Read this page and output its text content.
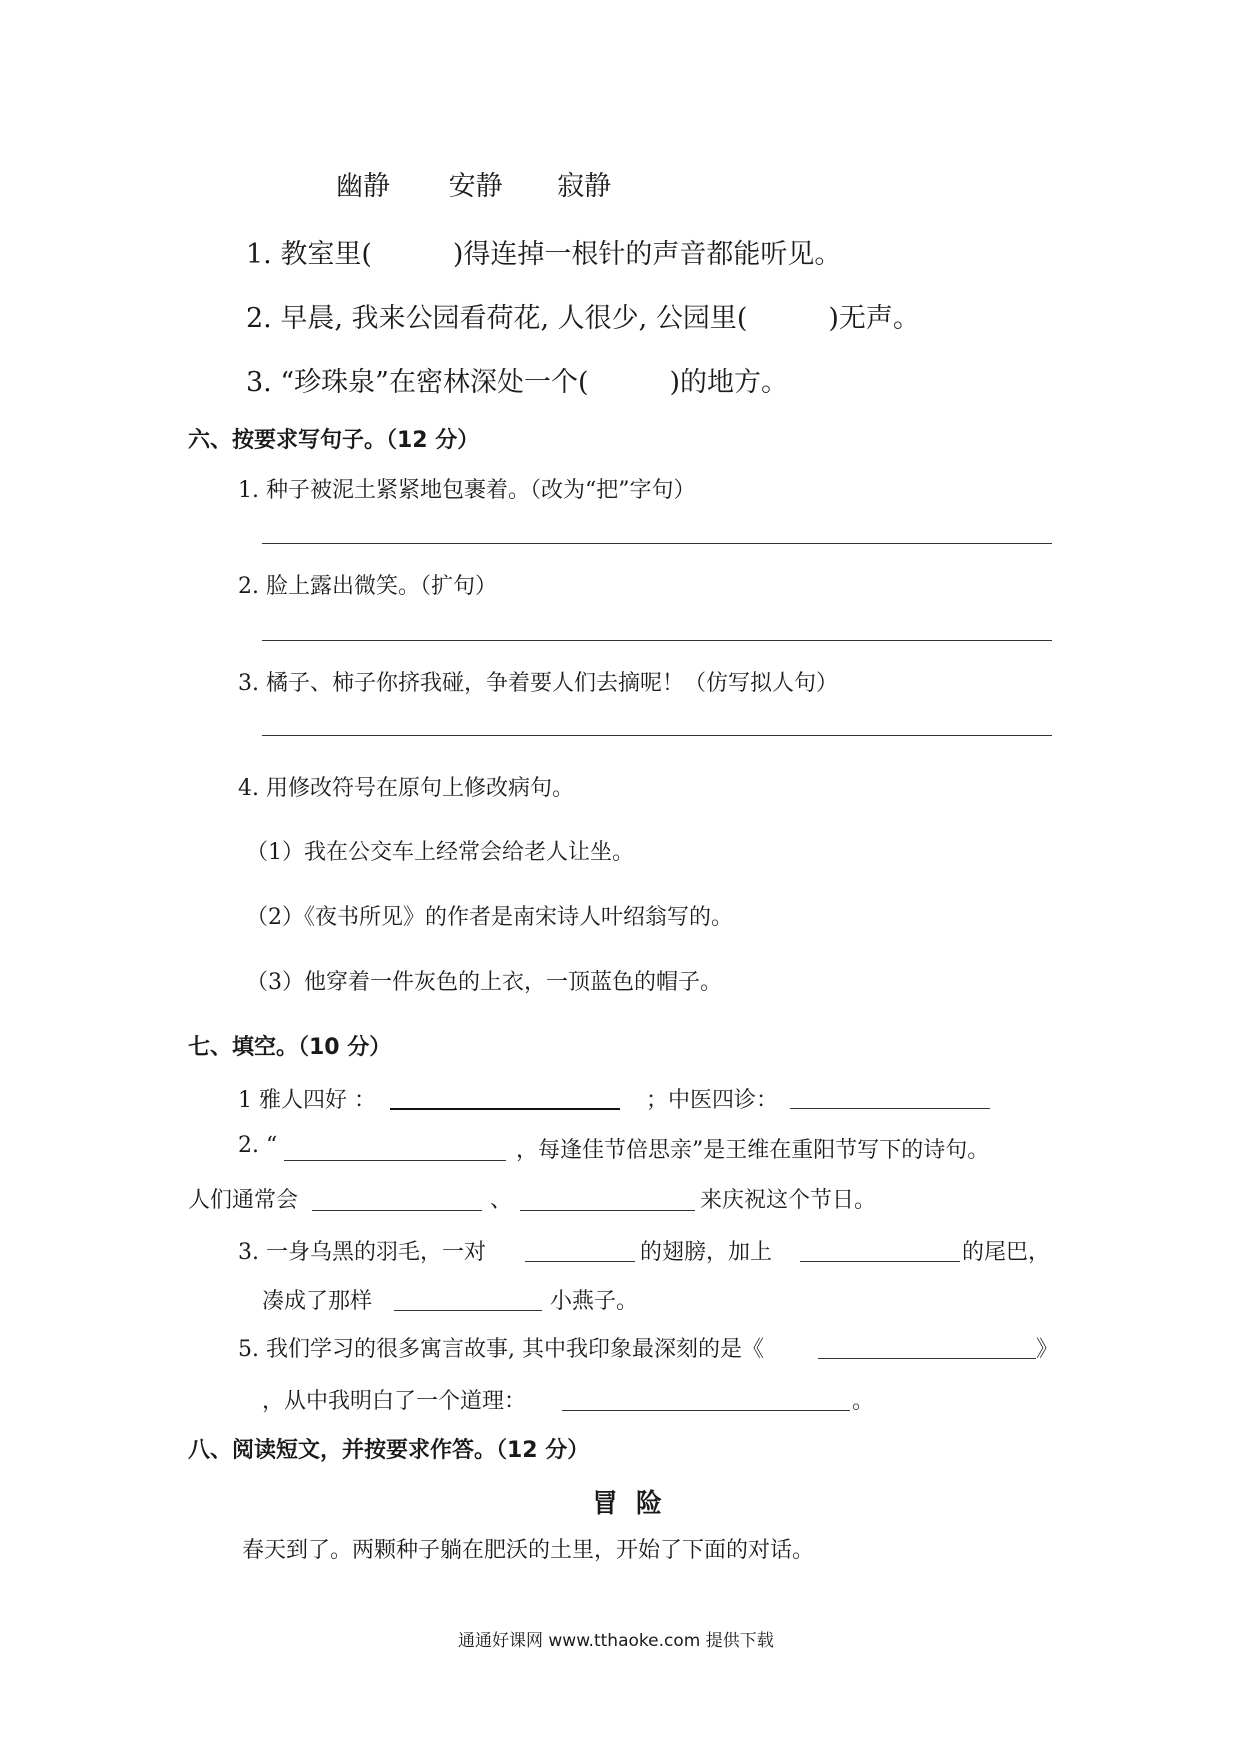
幽静 安静 寂静
1. 教室里(　　　)得连掉一根针的声音都能听见。
2. 早晨, 我来公园看荷花, 人很少, 公园里(　　　)无声。
3. “珍珠泉”在密林深处一个(　　　)的地方。
六、按要求写句子。（12 分）
1. 种子被泥土紧紧地包裹着。（改为“把”字句）
2. 脸上露出微笑。（扩句）
3. 橘子、柿子你挤我碰，争着要人们去摘呢！（仿写拟人句）
4. 用修改符号在原句上修改病句。
（1）我在公交车上经常会给老人让坐。
（2）《夜书所见》的作者是南宋诗人叶绍翁写的。
（3）他穿着一件灰色的上衣，一顶蓝色的帽子。
七、填空。（10 分）
1 雅人四好 ：	；中医四诊：
2. “	，每逢佳节倍思亲”是王维在重阳节写下的诗句。
人们通常会	、	来庆祝这个节日。
3. 一身乌黑的羽毛，一对	的翅膀，加上	的尾巴，
凑成了那样	小燕子。
5. 我们学习的很多寓言故事, 其中我印象最深刻的是《	》
，从中我明白了一个道理：	。
八、阅读短文，并按要求作答。（12 分）
冒险
春天到了。两颗种子躺在肥沃的土里，开始了下面的对话。
通通好课网 www.tthaoke.com 提供下载
